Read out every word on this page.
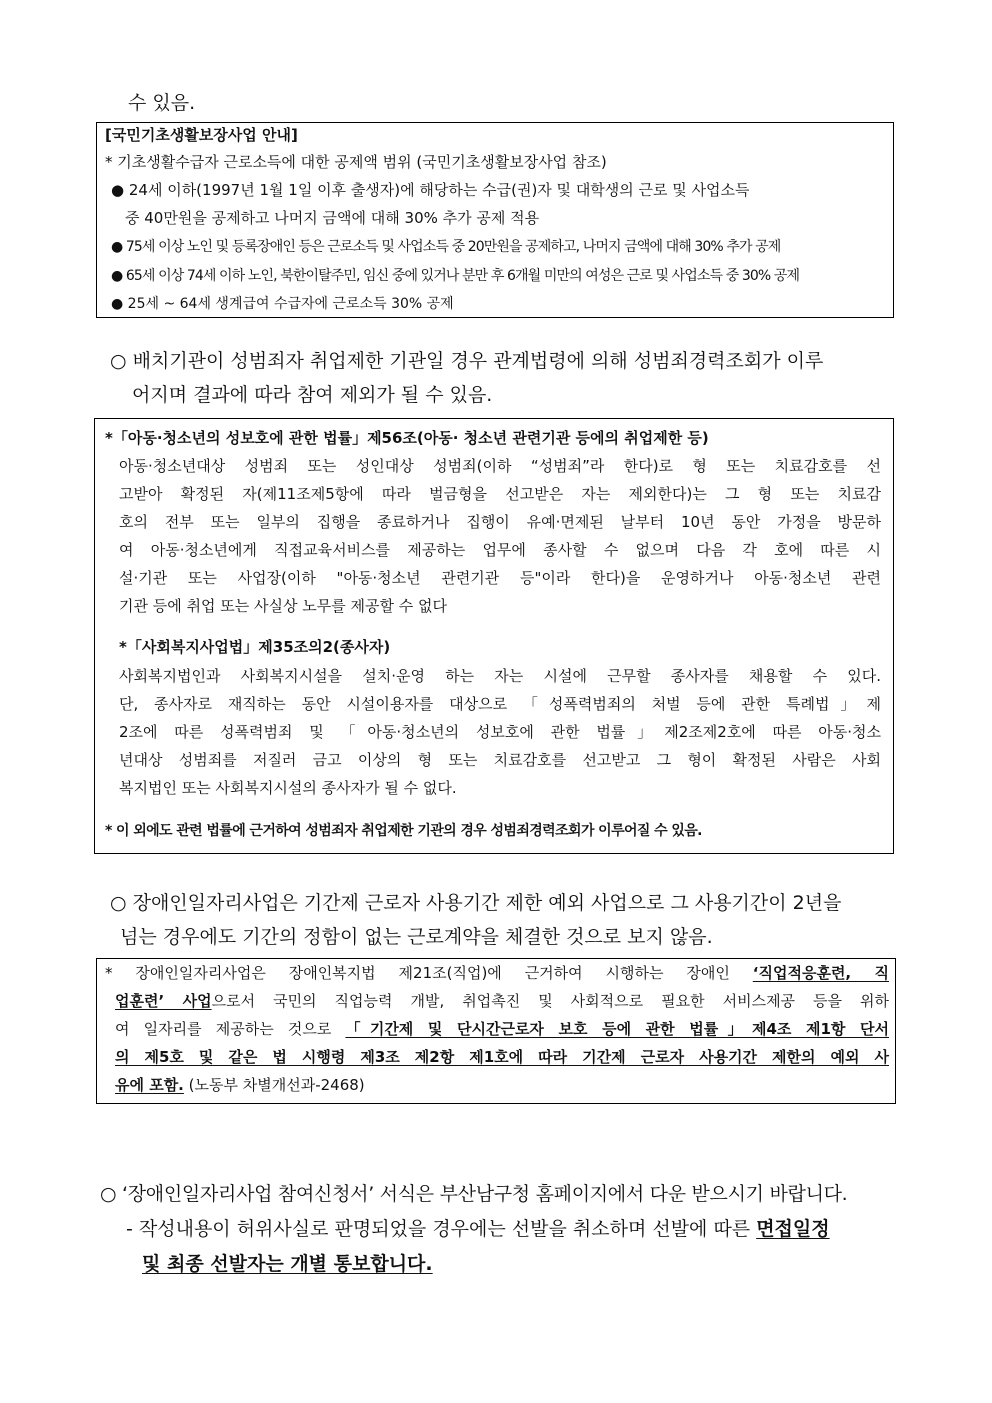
수 있음.
[국민기초생활보장사업 안내]
* 기초생활수급자 근로소득에 대한 공제액 범위 (국민기초생활보장사업 참조)
● 24세 이하(1997년 1월 1일 이후 출생자)에 해당하는 수급(권)자 및 대학생의 근로 및 사업소득
중 40만원을 공제하고 나머지 금액에 대해 30% 추가 공제 적용
● 75세 이상 노인 및 등록장애인 등은 근로소득 및 사업소득 중 20만원을 공제하고, 나머지 금액에 대해 30% 추가 공제
● 65세 이상 74세 이하 노인, 북한이탈주민, 임신 중에 있거나 분만 후 6개월 미만의 여성은 근로 및 사업소득 중 30% 공제
● 25세 ~ 64세 생계급여 수급자에 근로소득 30% 공제
○ 배치기관이 성범죄자 취업제한 기관일 경우 관계법령에 의해 성범죄경력조회가 이루
어지며 결과에 따라 참여 제외가 될 수 있음.
*「아동·청소년의 성보호에 관한 법률」제56조(아동· 청소년 관련기관 등에의 취업제한 등)
아동·청소년대상 성범죄 또는 성인대상 성범죄(이하 “성범죄”라 한다)로 형 또는 치료감호를 선
고받아 확정된 자(제11조제5항에 따라 벌금형을 선고받은 자는 제외한다)는 그 형 또는 치료감
호의 전부 또는 일부의 집행을 종료하거나 집행이 유예·면제된 날부터 10년 동안 가정을 방문하
여 아동·청소년에게 직접교육서비스를 제공하는 업무에 종사할 수 없으며 다음 각 호에 따른 시
설·기관 또는 사업장(이하 "아동·청소년 관련기관 등"이라 한다)을 운영하거나 아동·청소년 관련
기관 등에 취업 또는 사실상 노무를 제공할 수 없다
*「사회복지사업법」제35조의2(종사자)
사회복지법인과 사회복지시설을 설치·운영 하는 자는 시설에 근무할 종사자를 채용할 수 있다.
단, 종사자로 재직하는 동안 시설이용자를 대상으로 「성폭력범죄의 처벌 등에 관한 특례법」제
2조에 따른 성폭력범죄 및 「아동·청소년의 성보호에 관한 법률」제2조제2호에 따른 아동·청소
년대상 성범죄를 저질러 금고 이상의 형 또는 치료감호를 선고받고 그 형이 확정된 사람은 사회
복지법인 또는 사회복지시설의 종사자가 될 수 없다.
* 이 외에도 관련 법률에 근거하여 성범죄자 취업제한 기관의 경우 성범죄경력조회가 이루어질 수 있음.
○ 장애인일자리사업은 기간제 근로자 사용기간 제한 예외 사업으로 그 사용기간이 2년을
넘는 경우에도 기간의 정함이 없는 근로계약을 체결한 것으로 보지 않음.
* 장애인일자리사업은 장애인복지법 제21조(직업)에 근거하여 시행하는 장애인 ‘직업적응훈련, 직
업훈련’ 사업으로서 국민의 직업능력 개발, 취업촉진 및 사회적으로 필요한 서비스제공 등을 위하
여 일자리를 제공하는 것으로 「기간제 및 단시간근로자 보호 등에 관한 법률」제4조 제1항 단서
의 제5호 및 같은 법 시행령 제3조 제2항 제1호에 따라 기간제 근로자 사용기간 제한의 예외 사
유에 포함. (노동부 차별개선과-2468)
○ ‘장애인일자리사업 참여신청서’ 서식은 부산남구청 홈페이지에서 다운 받으시기 바랍니다.
- 작성내용이 허위사실로 판명되었을 경우에는 선발을 취소하며 선발에 따른 면접일정
및 최종 선발자는 개별 통보합니다.
